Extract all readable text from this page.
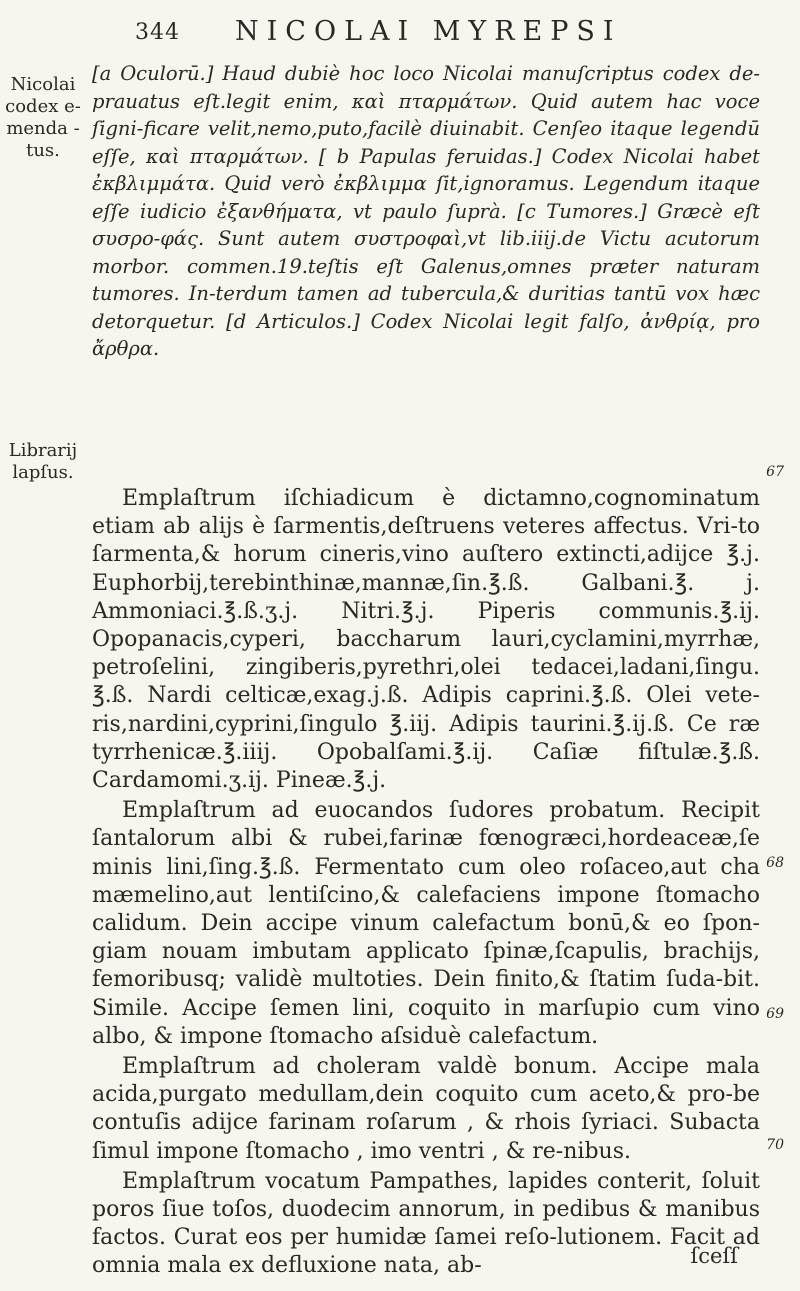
344 NICOLAI MYREPSI
Nicolai
codex e-
menda -
tus.
Librarij
lapſus.	67
68
69
70

[a Oculorū.] Haud dubiè hoc loco Nicolai manuſcriptus codex de-prauatus eſt.legit enim, καὶ πταρμάτων. Quid autem hac voce ſigni-ficare velit,nemo,puto,facilè diuinabit. Cenſeo itaque legendū eſſe, καὶ πταρμάτων. [ b Papulas feruidas.] Codex Nicolai habet ἐκβλιμμάτα. Quid verò ἐκβλιμμα ſit,ignoramus. Legendum itaque eſſe iudicio ἐξανθήματα, vt paulo ſuprà. [c Tumores.] Græcè eſt συσρο-φάς. Sunt autem συστροφαὶ,vt lib.iiij.de Victu acutorum morbor. commen.19.teſtis eſt Galenus,omnes præter naturam tumores. In-terdum tamen ad tubercula,& duritias tantū vox hæc detorquetur. [d Articulos.] Codex Nicolai legit falſo, ἀνθρίᾳ, pro ἄρθρα.

Emplaſtrum iſchiadicum è dictamno,cognominatum etiam ab alijs è ſarmentis,deſtruens veteres affectus. Vri-to ſarmenta,& horum cineris,vino auſtero extincti,adijce ℥.j. Euphorbij,terebinthinæ,mannæ,ſin.℥.ß. Galbani.℥. j. Ammoniaci.℥.ß.ʒ.j. Nitri.℥.j. Piperis communis.℥.ij. Opopanacis,cyperi, baccharum lauri,cyclamini,myrrhæ, petroſelini, zingiberis,pyrethri,olei tedacei,ladani,ſingu. ℥.ß. Nardi celticæ,exag.j.ß. Adipis caprini.℥.ß. Olei vete-ris,nardini,cyprini,ſingulo ℥.iij. Adipis taurini.℥.ij.ß. Ce ræ tyrrhenicæ.℥.iiij. Opobalſami.℥.ij. Caſiæ fiſtulæ.℥.ß. Cardamomi.ʒ.ij. Pineæ.℥.j.

Emplaſtrum ad euocandos ſudores probatum. Recipit ſantalorum albi & rubei,farinæ fœnogræci,hordeaceæ,ſe minis lini,ſing.℥.ß. Fermentato cum oleo roſaceo,aut cha mæmelino,aut lentiſcino,& calefaciens impone ſtomacho calidum. Dein accipe vinum calefactum bonū,& eo ſpon-giam nouam imbutam applicato ſpinæ,ſcapulis, brachijs, femoribusq; validè multoties. Dein finito,& ſtatim ſuda-bit. Simile. Accipe ſemen lini, coquito in marſupio cum vino albo, & impone ſtomacho aſsiduè calefactum.

Emplaſtrum ad choleram valdè bonum. Accipe mala acida,purgato medullam,dein coquito cum aceto,& pro-be contuſis adijce farinam roſarum , & rhois ſyriaci. Subacta ſimul impone ſtomacho , imo ventri , & re-nibus.

Emplaſtrum vocatum Pampathes, lapides conterit, ſoluit poros ſiue toſos, duodecim annorum, in pedibus & manibus factos. Curat eos per humidæ ſamei reſo-lutionem. Facit ad omnia mala ex defluxione nata, ab-	ſceſſ
